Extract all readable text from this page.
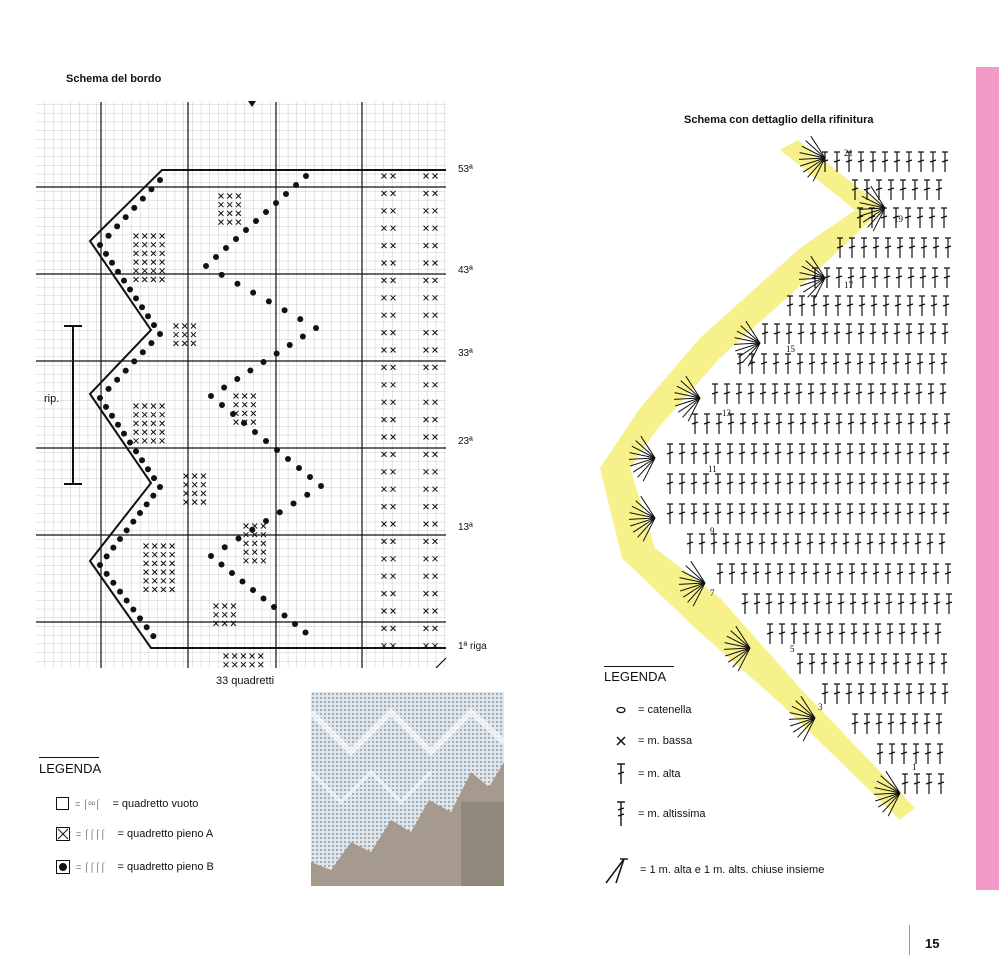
Schema del bordo
53ª
43ª
33ª
23ª
13ª
1ª riga
rip.
33 quadretti
LEGENDA
= ⌠ᵒᵒ⌠ = quadretto vuoto
= ⌠⌠⌠⌠ = quadretto pieno A
= ⌠⌠⌠⌠ = quadretto pieno B
Schema con dettaglio della rifinitura
21
19
17
15
13
11
9
7
5
3
1
LEGENDA
= catenella
= m. bassa
= m. alta
= m. altissima
= 1 m. alta e 1 m. alts. chiuse insieme
15
